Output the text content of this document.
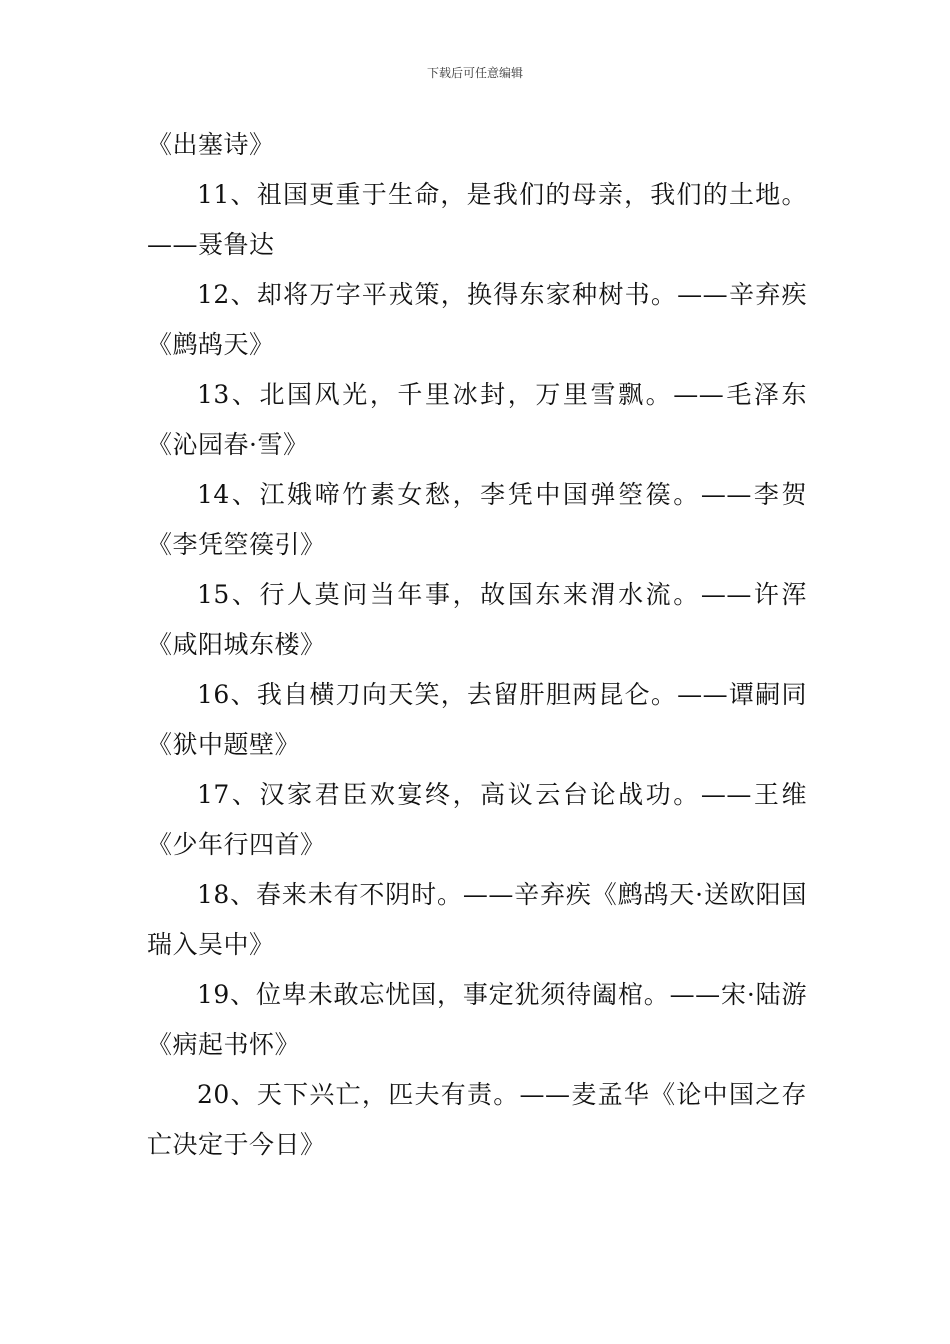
下载后可任意编辑

《出塞诗》

11、祖国更重于生命，是我们的母亲，我们的土地。——聂鲁达

12、却将万字平戎策，换得东家种树书。——辛弃疾《鹧鸪天》

13、北国风光，千里冰封，万里雪飘。——毛泽东《沁园春·雪》

14、江娥啼竹素女愁，李凭中国弹箜篌。——李贺《李凭箜篌引》

15、行人莫问当年事，故国东来渭水流。——许浑《咸阳城东楼》

16、我自横刀向天笑，去留肝胆两昆仑。——谭嗣同《狱中题壁》

17、汉家君臣欢宴终，高议云台论战功。——王维《少年行四首》

18、春来未有不阴时。——辛弃疾《鹧鸪天·送欧阳国瑞入吴中》

19、位卑未敢忘忧国，事定犹须待阖棺。——宋·陆游《病起书怀》

20、天下兴亡，匹夫有责。——麦孟华《论中国之存亡决定于今日》
